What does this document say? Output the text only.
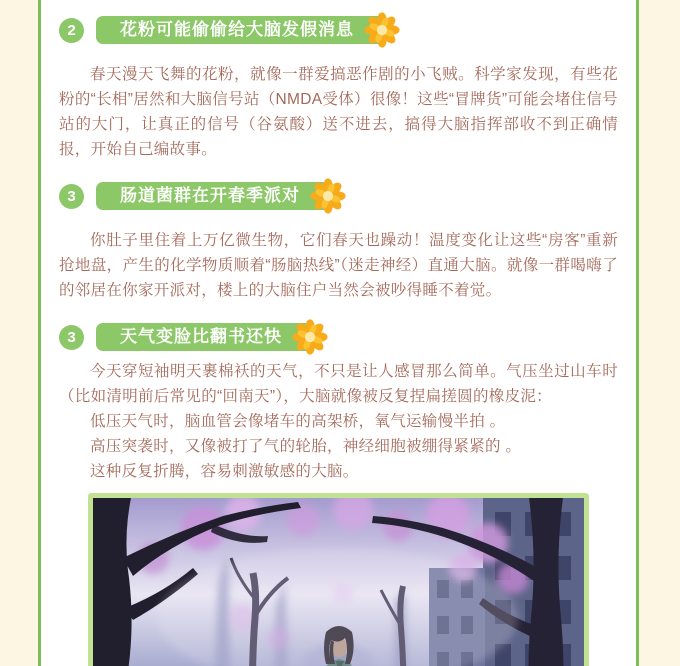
2	花粉可能偷偷给大脑发假消息

春天漫天飞舞的花粉，就像一群爱搞恶作剧的小飞贼。科学家发现，有些花粉的“长相”居然和大脑信号站（NMDA受体）很像！这些“冒牌货”可能会堵住信号站的大门，让真正的信号（谷氨酸）送不进去，搞得大脑指挥部收不到正确情报，开始自己编故事。

3	肠道菌群在开春季派对

你肚子里住着上万亿微生物，它们春天也躁动！温度变化让这些“房客”重新抢地盘，产生的化学物质顺着“肠脑热线”（迷走神经）直通大脑。就像一群喝嗨了的邻居在你家开派对，楼上的大脑住户当然会被吵得睡不着觉。

3	天气变脸比翻书还快

今天穿短袖明天裹棉袄的天气，不只是让人感冒那么简单。气压坐过山车时（比如清明前后常见的“回南天”），大脑就像被反复捏扁搓圆的橡皮泥：

低压天气时，脑血管会像堵车的高架桥，氧气运输慢半拍 。

高压突袭时，又像被打了气的轮胎，神经细胞被绷得紧紧的 。

这种反复折腾，容易刺激敏感的大脑。
